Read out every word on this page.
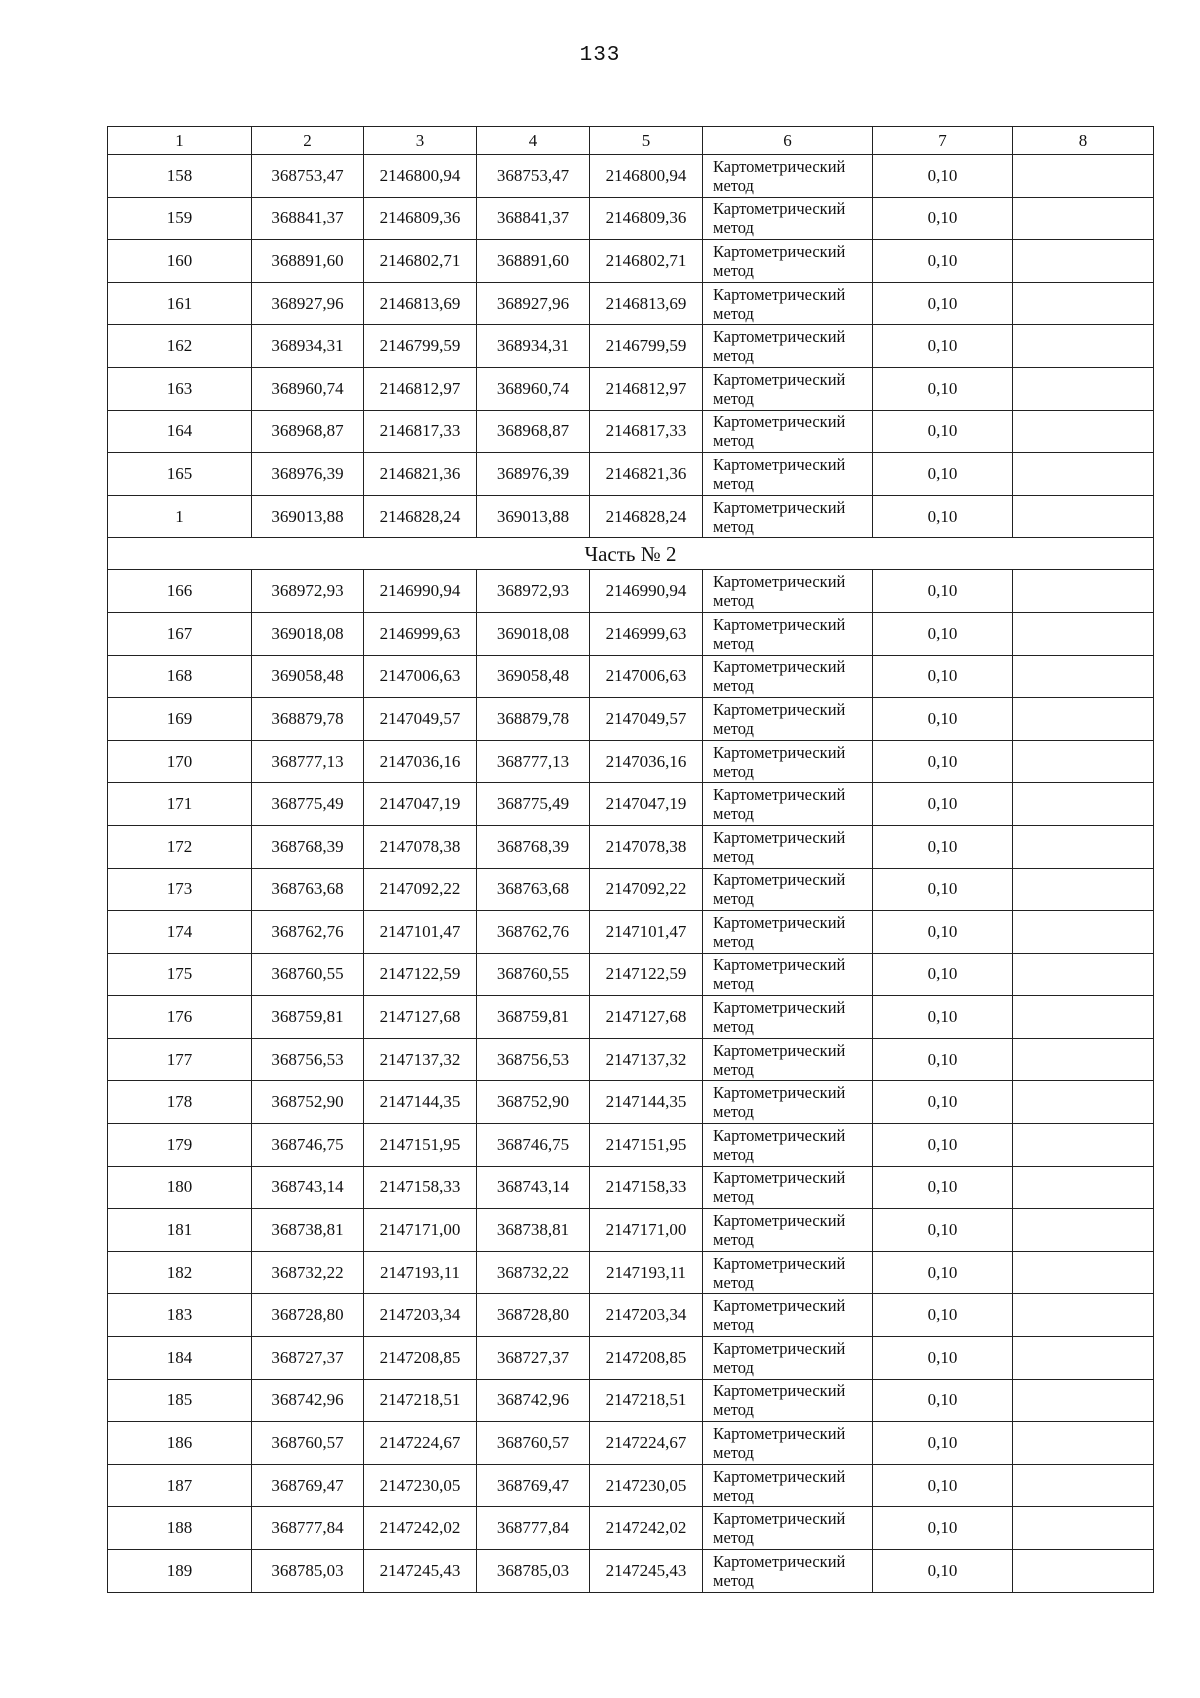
133
1	2	3	4	5	6	7	8
158	368753,47	2146800,94	368753,47	2146800,94	Картометрический
метод	0,10	
159	368841,37	2146809,36	368841,37	2146809,36	Картометрический
метод	0,10	
160	368891,60	2146802,71	368891,60	2146802,71	Картометрический
метод	0,10	
161	368927,96	2146813,69	368927,96	2146813,69	Картометрический
метод	0,10	
162	368934,31	2146799,59	368934,31	2146799,59	Картометрический
метод	0,10	
163	368960,74	2146812,97	368960,74	2146812,97	Картометрический
метод	0,10	
164	368968,87	2146817,33	368968,87	2146817,33	Картометрический
метод	0,10	
165	368976,39	2146821,36	368976,39	2146821,36	Картометрический
метод	0,10	
1	369013,88	2146828,24	369013,88	2146828,24	Картометрический
метод	0,10	
Часть № 2							
166	368972,93	2146990,94	368972,93	2146990,94	Картометрический
метод	0,10	
167	369018,08	2146999,63	369018,08	2146999,63	Картометрический
метод	0,10	
168	369058,48	2147006,63	369058,48	2147006,63	Картометрический
метод	0,10	
169	368879,78	2147049,57	368879,78	2147049,57	Картометрический
метод	0,10	
170	368777,13	2147036,16	368777,13	2147036,16	Картометрический
метод	0,10	
171	368775,49	2147047,19	368775,49	2147047,19	Картометрический
метод	0,10	
172	368768,39	2147078,38	368768,39	2147078,38	Картометрический
метод	0,10	
173	368763,68	2147092,22	368763,68	2147092,22	Картометрический
метод	0,10	
174	368762,76	2147101,47	368762,76	2147101,47	Картометрический
метод	0,10	
175	368760,55	2147122,59	368760,55	2147122,59	Картометрический
метод	0,10	
176	368759,81	2147127,68	368759,81	2147127,68	Картометрический
метод	0,10	
177	368756,53	2147137,32	368756,53	2147137,32	Картометрический
метод	0,10	
178	368752,90	2147144,35	368752,90	2147144,35	Картометрический
метод	0,10	
179	368746,75	2147151,95	368746,75	2147151,95	Картометрический
метод	0,10	
180	368743,14	2147158,33	368743,14	2147158,33	Картометрический
метод	0,10	
181	368738,81	2147171,00	368738,81	2147171,00	Картометрический
метод	0,10	
182	368732,22	2147193,11	368732,22	2147193,11	Картометрический
метод	0,10	
183	368728,80	2147203,34	368728,80	2147203,34	Картометрический
метод	0,10	
184	368727,37	2147208,85	368727,37	2147208,85	Картометрический
метод	0,10	
185	368742,96	2147218,51	368742,96	2147218,51	Картометрический
метод	0,10	
186	368760,57	2147224,67	368760,57	2147224,67	Картометрический
метод	0,10	
187	368769,47	2147230,05	368769,47	2147230,05	Картометрический
метод	0,10	
188	368777,84	2147242,02	368777,84	2147242,02	Картометрический
метод	0,10	
189	368785,03	2147245,43	368785,03	2147245,43	Картометрический
метод	0,10	
